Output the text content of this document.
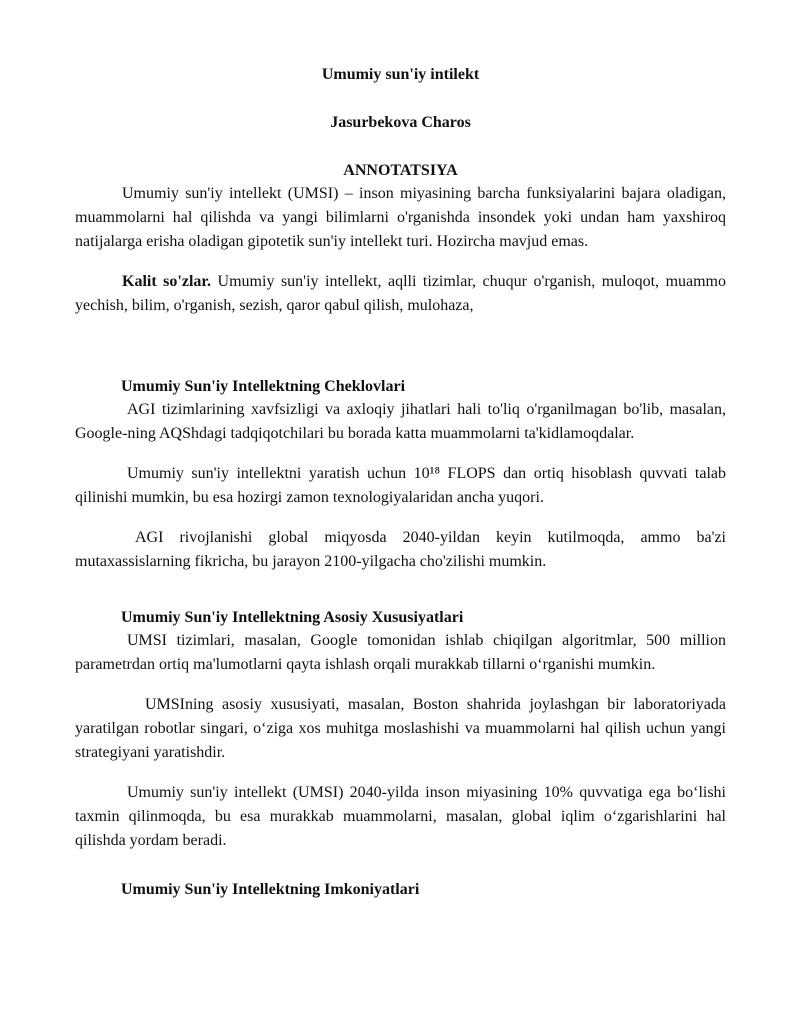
Umumiy sun'iy intilekt
Jasurbekova Charos
ANNOTATSIYA

Umumiy sun'iy intellekt (UMSI) – inson miyasining barcha funksiyalarini bajara oladigan, muammolarni hal qilishda va yangi bilimlarni o'rganishda insondek yoki undan ham yaxshiroq natijalarga erisha oladigan gipotetik sun'iy intellekt turi. Hozircha mavjud emas.

Kalit so'zlar. Umumiy sun'iy intellekt, aqlli tizimlar, chuqur o'rganish, muloqot, muammo yechish, bilim, o'rganish, sezish, qaror qabul qilish, mulohaza,

Umumiy Sun'iy Intellektning Cheklovlari

AGI tizimlarining xavfsizligi va axloqiy jihatlari hali to'liq o'rganilmagan bo'lib, masalan, Google-ning AQShdagi tadqiqotchilari bu borada katta muammolarni ta'kidlamoqdalar.

Umumiy sun'iy intellektni yaratish uchun 10¹⁸ FLOPS dan ortiq hisoblash quvvati talab qilinishi mumkin, bu esa hozirgi zamon texnologiyalaridan ancha yuqori.

AGI rivojlanishi global miqyosda 2040-yildan keyin kutilmoqda, ammo ba'zi mutaxassislarning fikricha, bu jarayon 2100-yilgacha cho'zilishi mumkin.

Umumiy Sun'iy Intellektning Asosiy Xususiyatlari

UMSI tizimlari, masalan, Google tomonidan ishlab chiqilgan algoritmlar, 500 million parametrdan ortiq ma'lumotlarni qayta ishlash orqali murakkab tillarni o‘rganishi mumkin.

UMSIning asosiy xususiyati, masalan, Boston shahrida joylashgan bir laboratoriyada yaratilgan robotlar singari, o‘ziga xos muhitga moslashishi va muammolarni hal qilish uchun yangi strategiyani yaratishdir.

Umumiy sun'iy intellekt (UMSI) 2040-yilda inson miyasining 10% quvvatiga ega bo‘lishi taxmin qilinmoqda, bu esa murakkab muammolarni, masalan, global iqlim o‘zgarishlarini hal qilishda yordam beradi.

Umumiy Sun'iy Intellektning Imkoniyatlari
